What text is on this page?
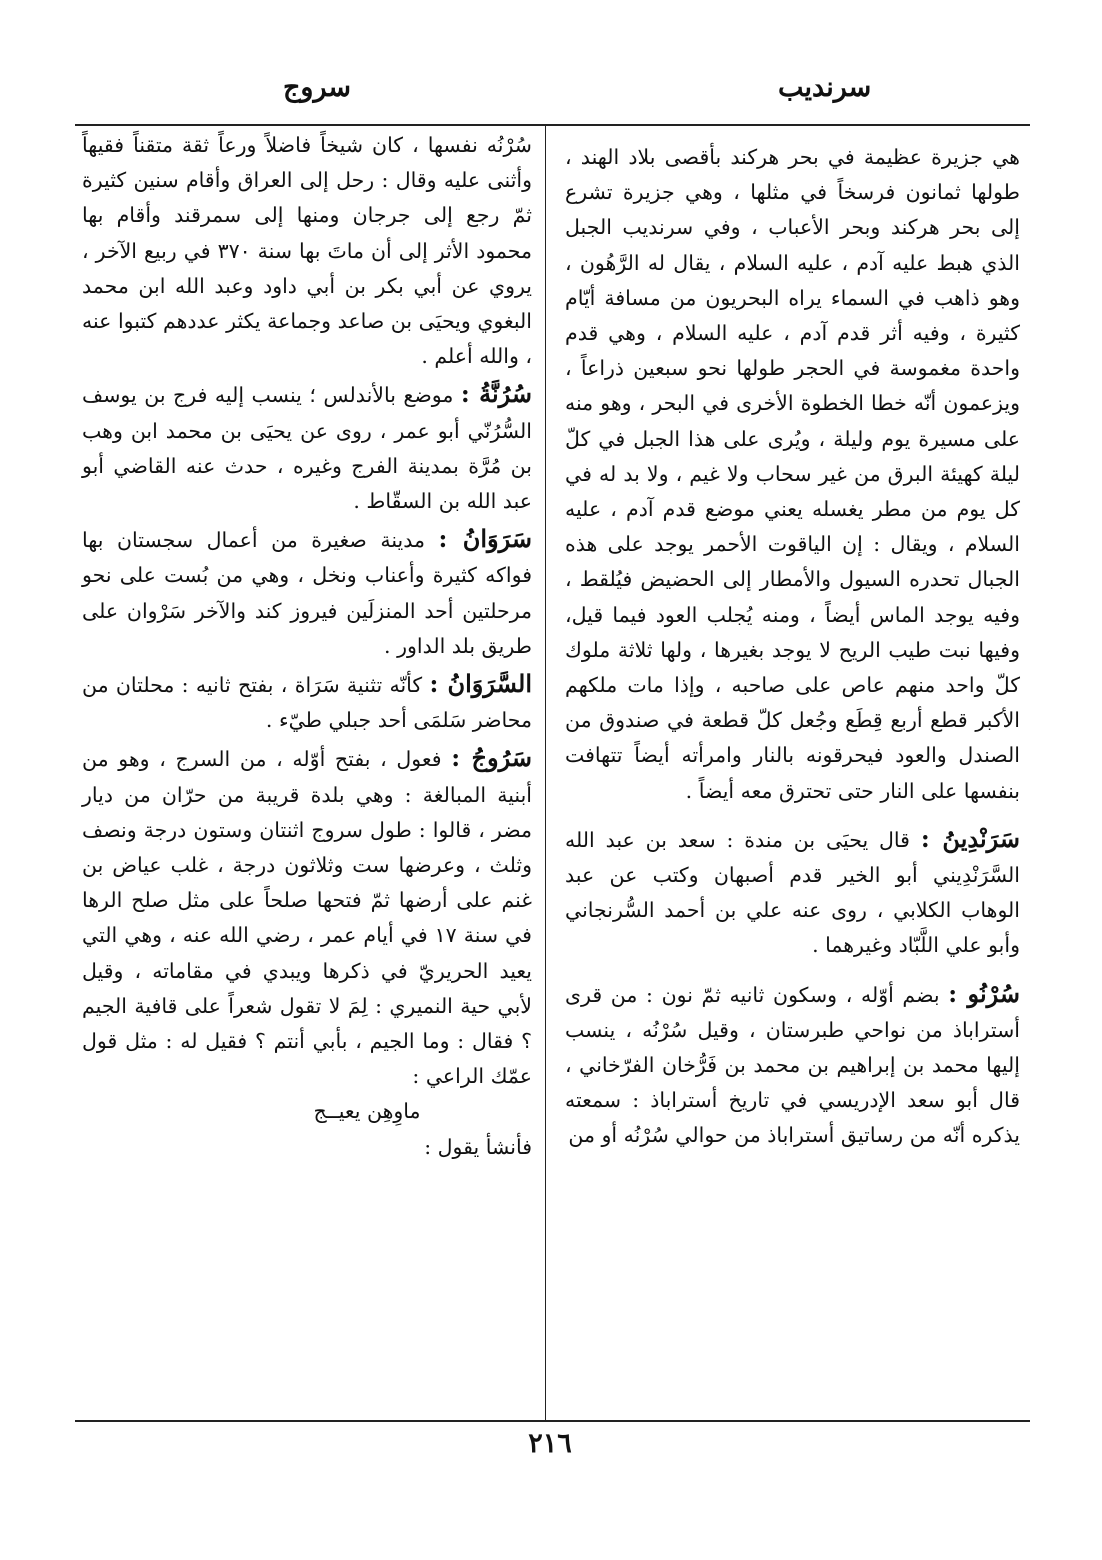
سرنديب
سروج

هي جزيرة عظيمة في بحر هركند بأقصى بلاد الهند ، طولها ثمانون فرسخاً في مثلها ، وهي جزيرة تشرع إلى بحر هركند وبحر الأعباب ، وفي سرنديب الجبل الذي هبط عليه آدم ، عليه السلام ، يقال له الرَّهُون ، وهو ذاهب في السماء يراه البحريون من مسافة أيّام كثيرة ، وفيه أثر قدم آدم ، عليه السلام ، وهي قدم واحدة مغموسة في الحجر طولها نحو سبعين ذراعاً ، ويزعمون أنّه خطا الخطوة الأخرى في البحر ، وهو منه على مسيرة يوم وليلة ، ويُرى على هذا الجبل في كلّ ليلة كهيئة البرق من غير سحاب ولا غيم ، ولا بد له في كل يوم من مطر يغسله يعني موضع قدم آدم ، عليه السلام ، ويقال : إن الياقوت الأحمر يوجد على هذه الجبال تحدره السيول والأمطار إلى الحضيض فيُلقط ، وفيه يوجد الماس أيضاً ، ومنه يُجلب العود فيما قيل، وفيها نبت طيب الريح لا يوجد بغيرها ، ولها ثلاثة ملوك كلّ واحد منهم عاص على صاحبه ، وإذا مات ملكهم الأكبر قطع أربع قِطَع وجُعل كلّ قطعة في صندوق من الصندل والعود فيحرقونه بالنار وامرأته أيضاً تتهافت بنفسها على النار حتى تحترق معه أيضاً .

سَرَنْدِينُ : قال يحيَى بن مندة : سعد بن عبد الله السَّرَنْدِيني أبو الخير قدم أصبهان وكتب عن عبد الوهاب الكلابي ، روى عنه علي بن أحمد السُّرنجاني وأبو علي اللَّبّاد وغيرهما .

سُرْنُو : بضم أوّله ، وسكون ثانيه ثمّ نون : من قرى أستراباذ من نواحي طبرستان ، وقيل سُرْنُه ، ينسب إليها محمد بن إبراهيم بن محمد بن فَرُّخان الفرّخاني ، قال أبو سعد الإدريسي في تاريخ أستراباذ : سمعته يذكره أنّه من رساتيق أستراباذ من حوالي سُرْنُه أو من

سُرْنُه نفسها ، كان شيخاً فاضلاً ورعاً ثقة متقناً فقيهاً وأثنى عليه وقال : رحل إلى العراق وأقام سنين كثيرة ثمّ رجع إلى جرجان ومنها إلى سمرقند وأقام بها محمود الأثر إلى أن ماتَ بها سنة ٣٧٠ في ربيع الآخر ، يروي عن أبي بكر بن أبي داود وعبد الله ابن محمد البغوي ويحيَى بن صاعد وجماعة يكثر عددهم كتبوا عنه ، والله أعلم .

سُرُنَّةُ : موضع بالأندلس ؛ ينسب إليه فرج بن يوسف السُّرُنّي أبو عمر ، روى عن يحيَى بن محمد ابن وهب بن مُرَّة بمدينة الفرج وغيره ، حدث عنه القاضي أبو عبد الله بن السقّاط .

سَرَوَانُ : مدينة صغيرة من أعمال سجستان بها فواكه كثيرة وأعناب ونخل ، وهي من بُست على نحو مرحلتين أحد المنزلَين فيروز كند والآخر سَرْوان على طريق بلد الداور .

السَّرَوَانُ : كأنّه تثنية سَرَاة ، بفتح ثانيه : محلتان من محاضر سَلمَى أحد جبلي طيّء .

سَرُوجُ : فعول ، بفتح أوّله ، من السرج ، وهو من أبنية المبالغة : وهي بلدة قريبة من حرّان من ديار مضر ، قالوا : طول سروج اثنتان وستون درجة ونصف وثلث ، وعرضها ست وثلاثون درجة ، غلب عياض بن غنم على أرضها ثمّ فتحها صلحاً على مثل صلح الرها في سنة ١٧ في أيام عمر ، رضي الله عنه ، وهي التي يعيد الحريريّ في ذكرها ويبدي في مقاماته ، وقيل لأبي حية النميري : لِمَ لا تقول شعراً على قافية الجيم ؟ فقال : وما الجيم ، بأبي أنتم ؟ فقيل له : مثل قول عمّك الراعي :

ماوِهِن يعيــج

فأنشأ يقول :

٢١٦
